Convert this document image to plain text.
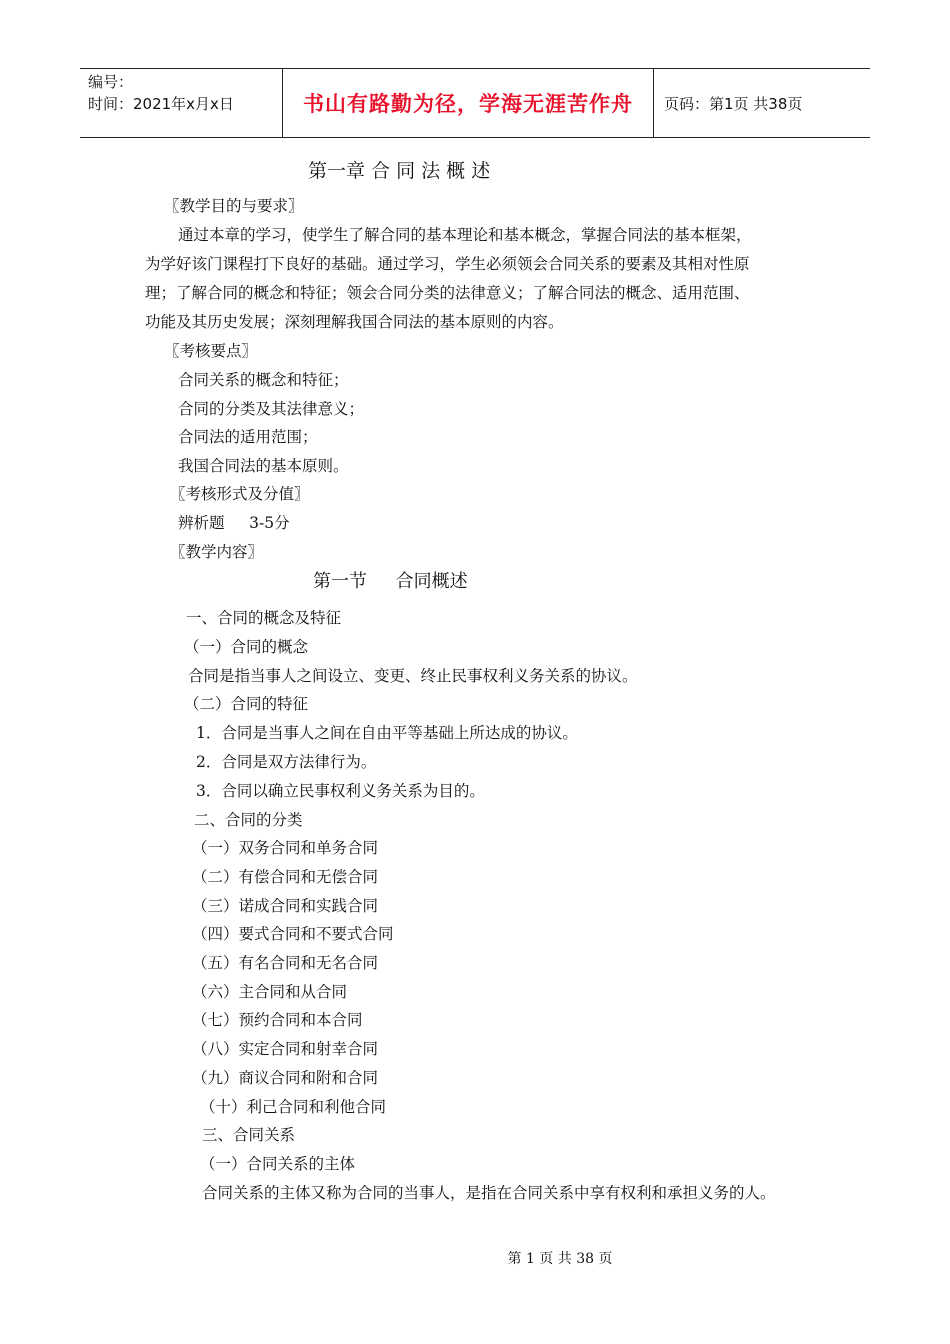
编号：
时间：2021年x月x日	书山有路勤为径，学海无涯苦作舟	页码：第1页 共38页
第一章 合 同 法 概 述
〖教学目的与要求〗
通过本章的学习，使学生了解合同的基本理论和基本概念，掌握合同法的基本框架，
为学好该门课程打下良好的基础。通过学习，学生必须领会合同关系的要素及其相对性原
理；了解合同的概念和特征；领会合同分类的法律意义；了解合同法的概念、适用范围、
功能及其历史发展；深刻理解我国合同法的基本原则的内容。
〖考核要点〗
合同关系的概念和特征；
合同的分类及其法律意义；
合同法的适用范围；
我国合同法的基本原则。
〖考核形式及分值〗
辨析题     3-5分
〖教学内容〗
第一节     合同概述
一、合同的概念及特征
（一）合同的概念
合同是指当事人之间设立、变更、终止民事权利义务关系的协议。
（二）合同的特征
1．合同是当事人之间在自由平等基础上所达成的协议。
2．合同是双方法律行为。
3．合同以确立民事权利义务关系为目的。
二、合同的分类
（一）双务合同和单务合同
（二）有偿合同和无偿合同
（三）诺成合同和实践合同
（四）要式合同和不要式合同
（五）有名合同和无名合同
（六）主合同和从合同
（七）预约合同和本合同
（八）实定合同和射幸合同
（九）商议合同和附和合同
（十）利己合同和利他合同
三、合同关系
（一）合同关系的主体
合同关系的主体又称为合同的当事人，是指在合同关系中享有权利和承担义务的人。
第 1 页 共 38 页
